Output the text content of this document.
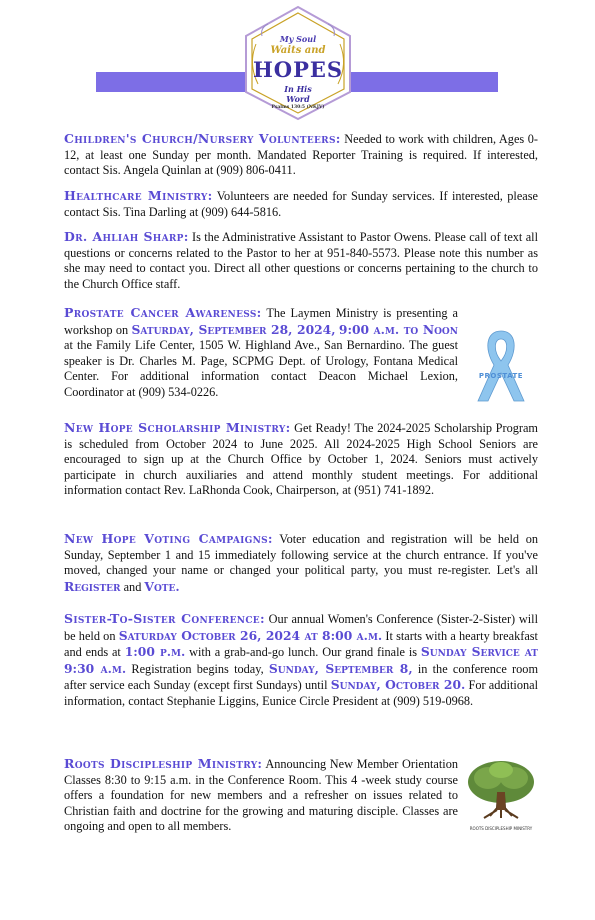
My Soul
Waits and
HOPES
In His
Word
Psalms 130:5 (NKJV)
Children's Church/Nursery Volunteers: Needed to work with children, Ages 0-12, at least one Sunday per month. Mandated Reporter Training is required. If interested, contact Sis. Angela Quinlan at (909) 806-0411.
Healthcare Ministry: Volunteers are needed for Sunday services. If interested, please contact Sis. Tina Darling at (909) 644-5816.
Dr. Ahliah Sharp: Is the Administrative Assistant to Pastor Owens. Please call of text all questions or concerns related to the Pastor to her at 951-840-5573. Please note this number as she may need to contact you. Direct all other questions or concerns pertaining to the church to the Church Office staff.
PROSTATE
Prostate Cancer Awareness: The Laymen Ministry is presenting a workshop on Saturday, September 28, 2024, 9:00 a.m. to Noon at the Family Life Center, 1505 W. Highland Ave., San Bernardino. The guest speaker is Dr. Charles M. Page, SCPMG Dept. of Urology, Fontana Medical Center. For additional information contact Deacon Michael Lexion, Coordinator at (909) 534-0226.
New Hope Scholarship Ministry: Get Ready! The 2024-2025 Scholarship Program is scheduled from October 2024 to June 2025. All 2024-2025 High School Seniors are encouraged to sign up at the Church Office by October 1, 2024. Seniors must actively participate in church auxiliaries and attend monthly student meetings. For additional information contact Rev. LaRhonda Cook, Chairperson, at (951) 741-1892.
New Hope Voting Campaigns: Voter education and registration will be held on Sunday, September 1 and 15 immediately following service at the church entrance. If you've moved, changed your name or changed your political party, you must re-register. Let's all Register and Vote.
Sister-To-Sister Conference: Our annual Women's Conference (Sister-2-Sister) will be held on Saturday October 26, 2024 at 8:00 a.m. It starts with a hearty breakfast and ends at 1:00 p.m. with a grab-and-go lunch. Our grand finale is Sunday Service at 9:30 a.m. Registration begins today, Sunday, September 8, in the conference room after service each Sunday (except first Sundays) until Sunday, October 20. For additional information, contact Stephanie Liggins, Eunice Circle President at (909) 519-0968.
ROOTS DISCIPLESHIP MINISTRY
Roots Discipleship Ministry: Announcing New Member Orientation Classes 8:30 to 9:15 a.m. in the Conference Room. This 4 -week study course offers a foundation for new members and a refresher on issues related to Christian faith and doctrine for the growing and maturing disciple. Classes are ongoing and open to all members.
